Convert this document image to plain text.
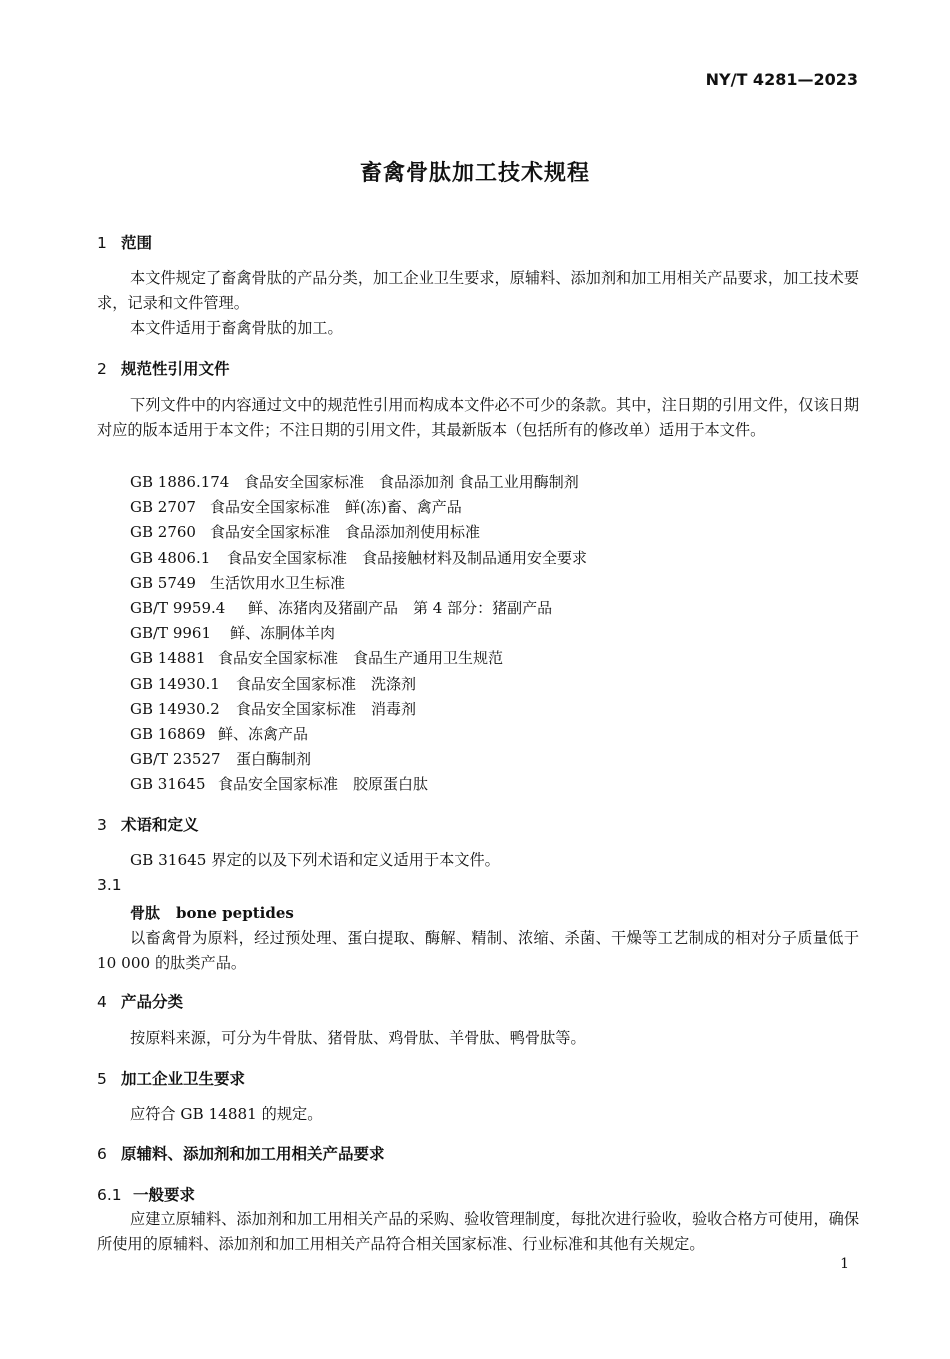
NY/T 4281—2023
畜禽骨肽加工技术规程
1 范围
本文件规定了畜禽骨肽的产品分类，加工企业卫生要求，原辅料、添加剂和加工用相关产品要求，加工技术要求，记录和文件管理。
本文件适用于畜禽骨肽的加工。
2 规范性引用文件
下列文件中的内容通过文中的规范性引用而构成本文件必不可少的条款。其中，注日期的引用文件，仅该日期对应的版本适用于本文件；不注日期的引用文件，其最新版本（包括所有的修改单）适用于本文件。
GB 1886.174 食品安全国家标准　食品添加剂 食品工业用酶制剂
GB 2707 食品安全国家标准　鲜(冻)畜、禽产品
GB 2760 食品安全国家标准　食品添加剂使用标准
GB 4806.1 食品安全国家标准　食品接触材料及制品通用安全要求
GB 5749 生活饮用水卫生标准
GB/T 9959.4 鲜、冻猪肉及猪副产品　第 4 部分：猪副产品
GB/T 9961 鲜、冻胴体羊肉
GB 14881 食品安全国家标准　食品生产通用卫生规范
GB 14930.1 食品安全国家标准　洗涤剂
GB 14930.2 食品安全国家标准　消毒剂
GB 16869 鲜、冻禽产品
GB/T 23527 蛋白酶制剂
GB 31645 食品安全国家标准　胶原蛋白肽
3 术语和定义
GB 31645 界定的以及下列术语和定义适用于本文件。
3.1
骨肽 bone peptides
以畜禽骨为原料，经过预处理、蛋白提取、酶解、精制、浓缩、杀菌、干燥等工艺制成的相对分子质量低于 10 000 的肽类产品。
4 产品分类
按原料来源，可分为牛骨肽、猪骨肽、鸡骨肽、羊骨肽、鸭骨肽等。
5 加工企业卫生要求
应符合 GB 14881 的规定。
6 原辅料、添加剂和加工用相关产品要求
6.1 一般要求
应建立原辅料、添加剂和加工用相关产品的采购、验收管理制度，每批次进行验收，验收合格方可使用，确保所使用的原辅料、添加剂和加工用相关产品符合相关国家标准、行业标准和其他有关规定。
1
